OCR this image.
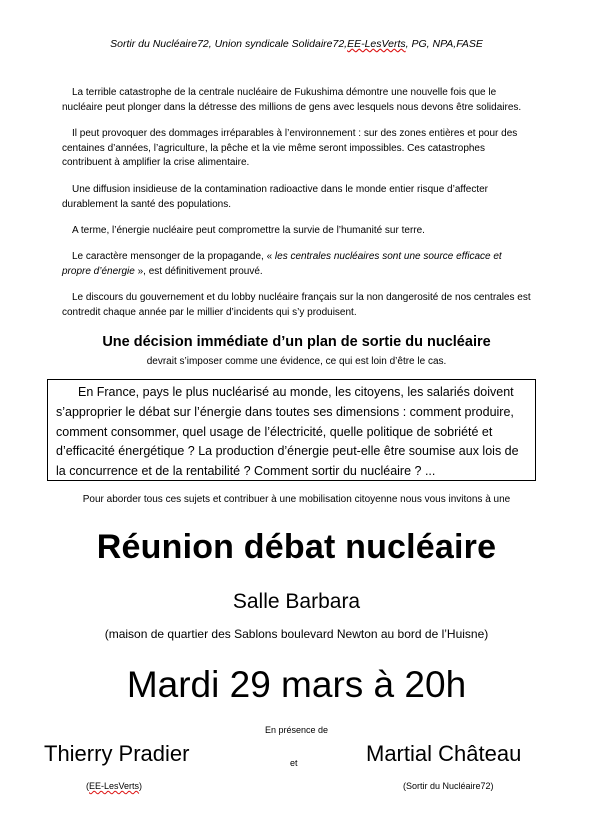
Sortir du Nucléaire72, Union syndicale Solidaire72,EE-LesVerts, PG, NPA,FASE
La terrible catastrophe de la centrale nucléaire de Fukushima démontre une nouvelle fois que le nucléaire peut plonger dans la détresse des millions de gens avec lesquels nous devons être solidaires.
Il peut provoquer des dommages irréparables à l’environnement : sur des zones entières et pour des centaines d’années, l’agriculture, la pêche et la vie même seront impossibles. Ces catastrophes contribuent à amplifier la crise alimentaire.
Une diffusion insidieuse de la contamination radioactive dans le monde entier risque d’affecter durablement la santé des populations.
A terme, l’énergie nucléaire peut compromettre la survie de l’humanité sur terre.
Le caractère mensonger de la propagande, « les centrales nucléaires sont une source efficace et propre d’énergie », est définitivement prouvé.
Le discours du gouvernement et du lobby nucléaire français sur la non dangerosité de nos centrales est contredit chaque année par le millier d’incidents qui s’y produisent.
Une décision immédiate d’un plan de sortie du nucléaire
devrait s’imposer comme une évidence, ce qui est loin d’être le cas.
En France, pays le plus nucléarisé au monde, les citoyens, les salariés doivent s’approprier le débat sur l’énergie dans toutes ses dimensions : comment produire, comment consommer, quel usage de l’électricité, quelle politique de sobriété et d’efficacité énergétique ? La production d’énergie peut-elle être soumise aux lois de la concurrence et de la rentabilité ? Comment sortir du nucléaire ? ...
Pour aborder tous ces sujets et contribuer à une mobilisation citoyenne nous vous invitons à une
Réunion débat nucléaire
Salle Barbara
(maison de quartier des Sablons boulevard Newton au bord de l’Huisne)
Mardi 29 mars à 20h
En présence de
Thierry Pradier	et	Martial Château
(EE-LesVerts)	(Sortir du Nucléaire72)
